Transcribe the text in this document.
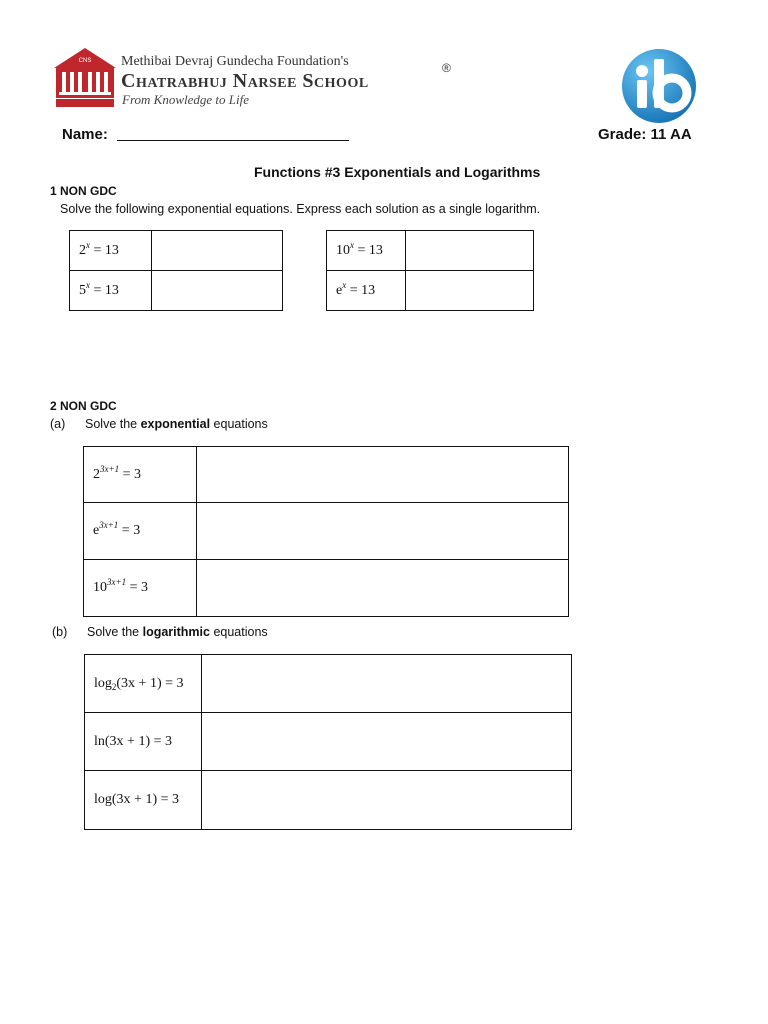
CNS Methibai Devraj Gundecha Foundation's
Chatrabhuj Narsee School
®
From Knowledge to Life
Name:	Grade: 11 AA
Functions #3 Exponentials and Logarithms
1 NON GDC
Solve the following exponential equations. Express each solution as a single logarithm.
$2^x = 13$	
$5^x = 13$	
$10^x = 13$	
$e^x = 13$	
2 NON GDC
(a) Solve the exponential equations
$2^{3x+1} = 3$	
$e^{3x+1} = 3$	
$10^{3x+1} = 3$	
(b) Solve the logarithmic equations
$\log_2(3x + 1) = 3$	
ln(3x + 1) = 3	
log(3x + 1) = 3	
